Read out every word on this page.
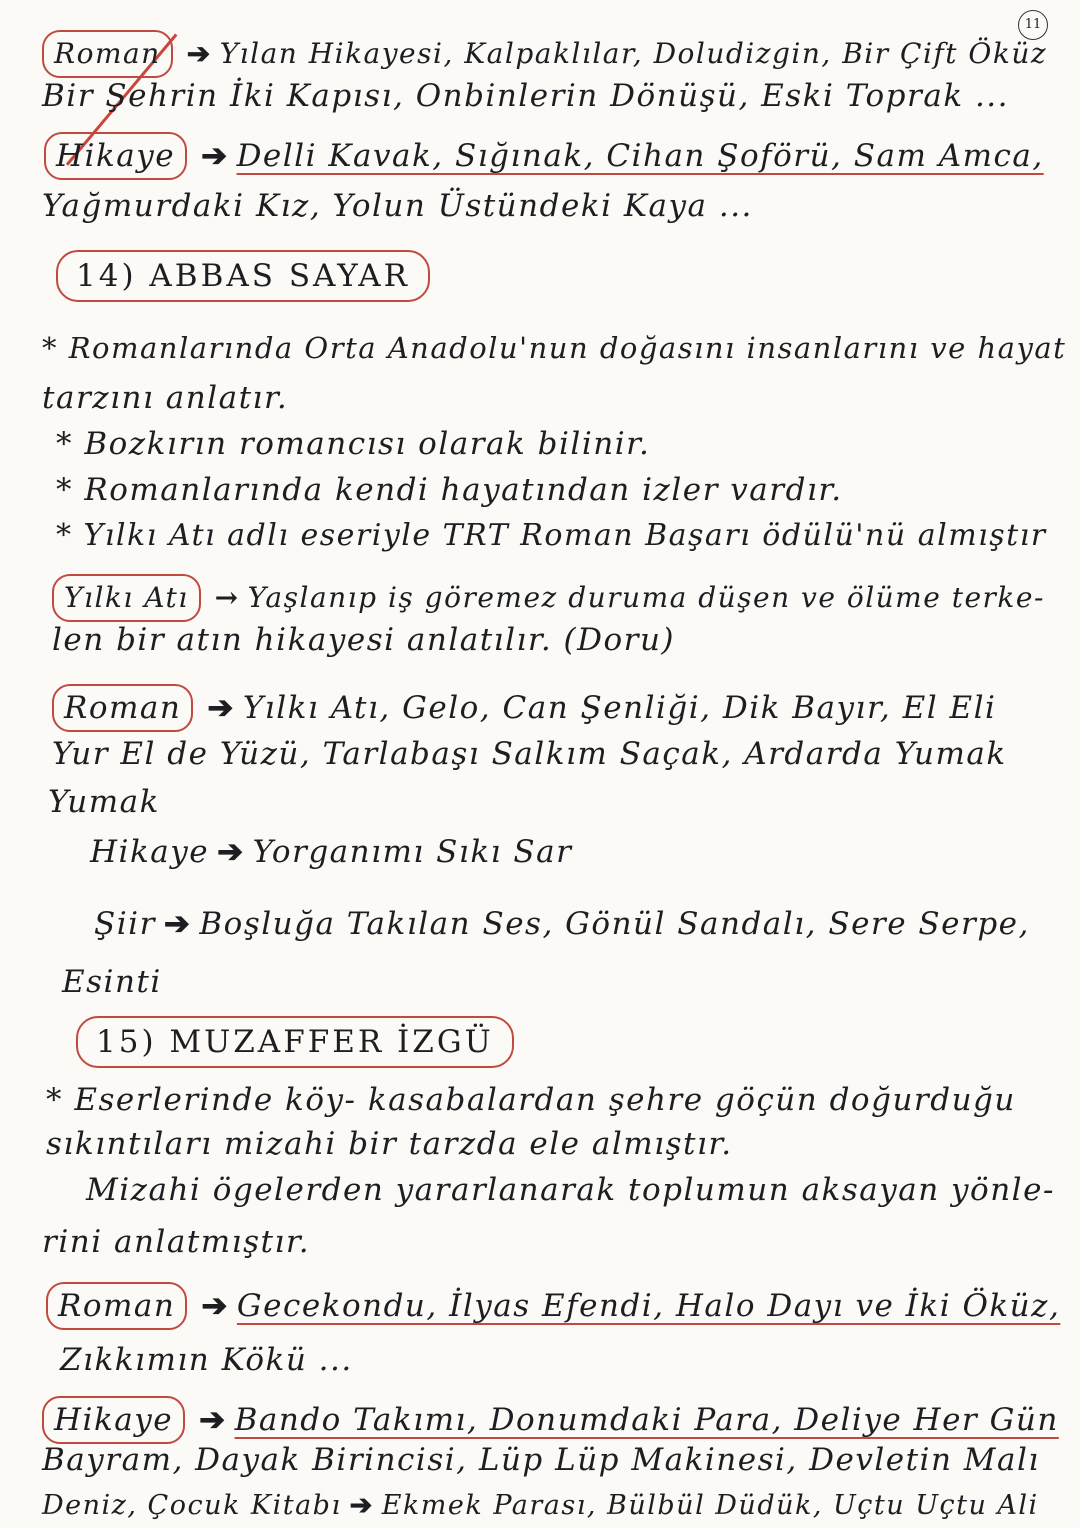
11
Roman ➔ Yılan Hikayesi, Kalpaklılar, Doludizgin, Bir Çift Öküz
Bir Şehrin İki Kapısı, Onbinlerin Dönüşü, Eski Toprak ...
Hikaye ➔ Delli Kavak, Sığınak, Cihan Şoförü, Sam Amca,
Yağmurdaki Kız, Yolun Üstündeki Kaya ...
14) ABBAS SAYAR
* Romanlarında Orta Anadolu'nun doğasını insanlarını ve hayat
tarzını anlatır.
* Bozkırın romancısı olarak bilinir.
* Romanlarında kendi hayatından izler vardır.
* Yılkı Atı adlı eseriyle TRT Roman Başarı ödülü'nü almıştır
Yılkı Atı → Yaşlanıp iş göremez duruma düşen ve ölüme terke-
len bir atın hikayesi anlatılır. (Doru)
Roman ➔ Yılkı Atı, Gelo, Can Şenliği, Dik Bayır, El Eli
Yur El de Yüzü, Tarlabaşı Salkım Saçak, Ardarda Yumak
Yumak
Hikaye ➔ Yorganımı Sıkı Sar
Şiir ➔ Boşluğa Takılan Ses, Gönül Sandalı, Sere Serpe,
Esinti
15) MUZAFFER İZGÜ
* Eserlerinde köy- kasabalardan şehre göçün doğurduğu
sıkıntıları mizahi bir tarzda ele almıştır.
Mizahi ögelerden yararlanarak toplumun aksayan yönle-
rini anlatmıştır.
Roman ➔ Gecekondu, İlyas Efendi, Halo Dayı ve İki Öküz,
Zıkkımın Kökü ...
Hikaye ➔ Bando Takımı, Donumdaki Para, Deliye Her Gün
Bayram, Dayak Birincisi, Lüp Lüp Makinesi, Devletin Malı
Deniz, Çocuk Kitabı ➔ Ekmek Parası, Bülbül Düdük, Uçtu Uçtu Ali
